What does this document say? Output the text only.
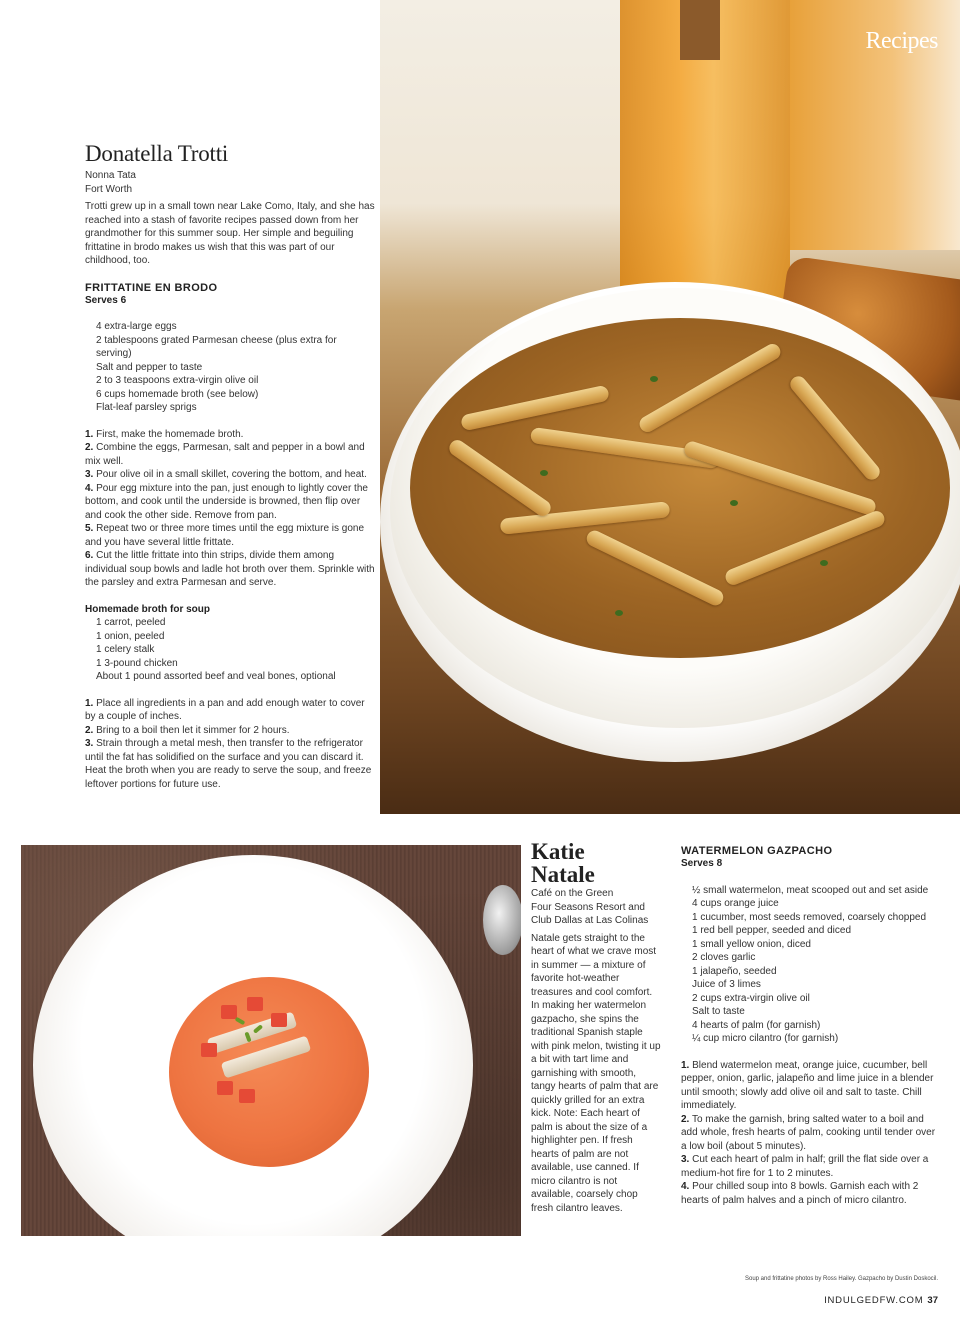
Recipes
Donatella Trotti
Nonna Tata
Fort Worth

Trotti grew up in a small town near Lake Como, Italy, and she has reached into a stash of favorite recipes passed down from her grandmother for this summer soup. Her simple and beguiling frittatine in brodo makes us wish that this was part of our childhood, too.

FRITTATINE EN BRODO
Serves 6
4 extra-large eggs
2 tablespoons grated Parmesan cheese (plus extra for serving)
Salt and pepper to taste
2 to 3 teaspoons extra-virgin olive oil
6 cups homemade broth (see below)
Flat-leaf parsley sprigs
1. First, make the homemade broth.
2. Combine the eggs, Parmesan, salt and pepper in a bowl and mix well.
3. Pour olive oil in a small skillet, covering the bottom, and heat.
4. Pour egg mixture into the pan, just enough to lightly cover the bottom, and cook until the underside is browned, then flip over and cook the other side. Remove from pan.
5. Repeat two or three more times until the egg mixture is gone and you have several little frittate.
6. Cut the little frittate into thin strips, divide them among individual soup bowls and ladle hot broth over them. Sprinkle with the parsley and extra Parmesan and serve.
Homemade broth for soup
1 carrot, peeled
1 onion, peeled
1 celery stalk
1 3-pound chicken
About 1 pound assorted beef and veal bones, optional
1. Place all ingredients in a pan and add enough water to cover by a couple of inches.
2. Bring to a boil then let it simmer for 2 hours.
3. Strain through a metal mesh, then transfer to the refrigerator until the fat has solidified on the surface and you can discard it. Heat the broth when you are ready to serve the soup, and freeze leftover portions for future use.
Katie
Natale
Café on the Green
Four Seasons Resort and Club Dallas at Las Colinas

Natale gets straight to the heart of what we crave most in summer — a mixture of favorite hot-weather treasures and cool comfort. In making her watermelon gazpacho, she spins the traditional Spanish staple with pink melon, twisting it up a bit with tart lime and garnishing with smooth, tangy hearts of palm that are quickly grilled for an extra kick. Note: Each heart of palm is about the size of a highlighter pen. If fresh hearts of palm are not available, use canned. If micro cilantro is not available, coarsely chop fresh cilantro leaves.

WATERMELON GAZPACHO
Serves 8
½ small watermelon, meat scooped out and set aside
4 cups orange juice
1 cucumber, most seeds removed, coarsely chopped
1 red bell pepper, seeded and diced
1 small yellow onion, diced
2 cloves garlic
1 jalapeño, seeded
Juice of 3 limes
2 cups extra-virgin olive oil
Salt to taste
4 hearts of palm (for garnish)
¼ cup micro cilantro (for garnish)
1. Blend watermelon meat, orange juice, cucumber, bell pepper, onion, garlic, jalapeño and lime juice in a blender until smooth; slowly add olive oil and salt to taste. Chill immediately.
2. To make the garnish, bring salted water to a boil and add whole, fresh hearts of palm, cooking until tender over a low boil (about 5 minutes).
3. Cut each heart of palm in half; grill the flat side over a medium-hot fire for 1 to 2 minutes.
4. Pour chilled soup into 8 bowls. Garnish each with 2 hearts of palm halves and a pinch of micro cilantro.
Soup and frittatine photos by Ross Hailey. Gazpacho by Dustin Doskocil.
INDULGEDFW.COM 37
